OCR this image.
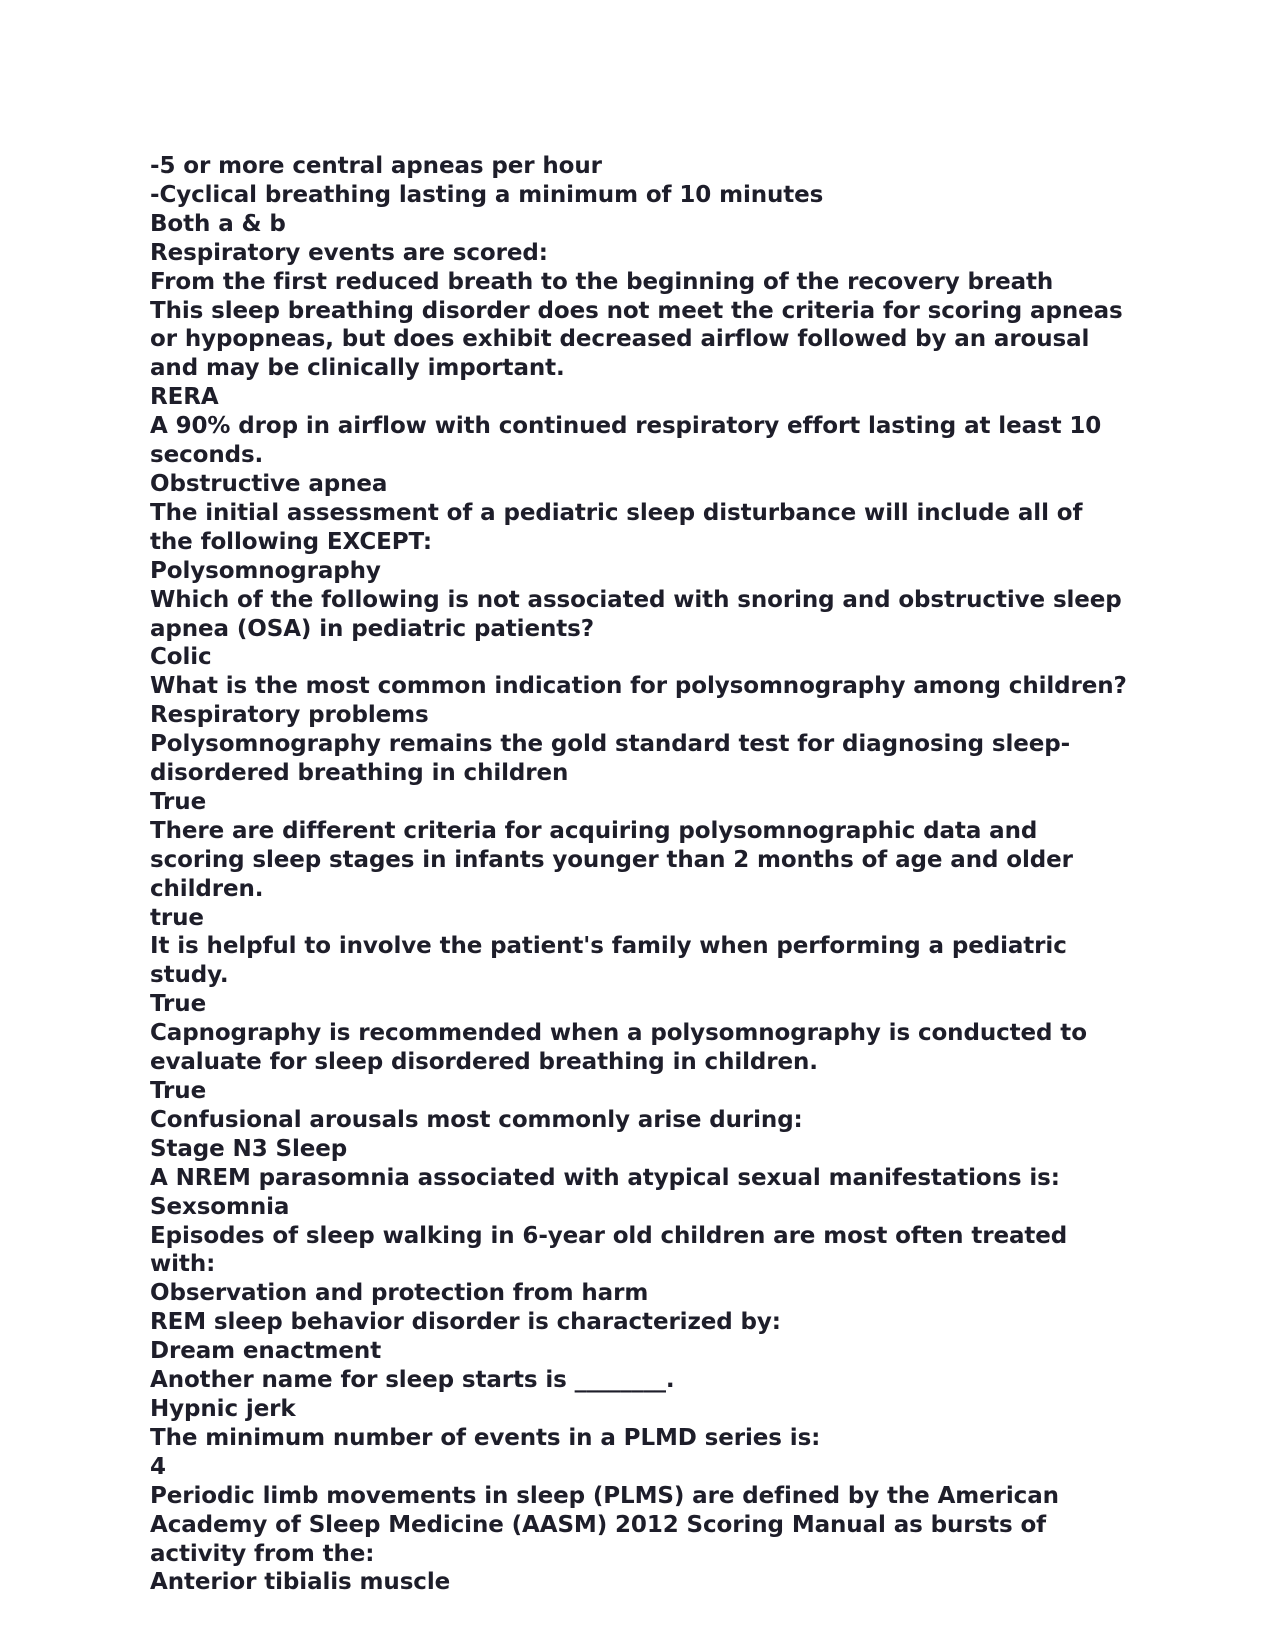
-5 or more central apneas per hour

-Cyclical breathing lasting a minimum of 10 minutes

Both a & b

Respiratory events are scored:

From the first reduced breath to the beginning of the recovery breath

This sleep breathing disorder does not meet the criteria for scoring apneas or hypopneas, but does exhibit decreased airflow followed by an arousal and may be clinically important.

RERA

A 90% drop in airflow with continued respiratory effort lasting at least 10 seconds.

Obstructive apnea

The initial assessment of a pediatric sleep disturbance will include all of the following EXCEPT:

Polysomnography

Which of the following is not associated with snoring and obstructive sleep apnea (OSA) in pediatric patients?

Colic

What is the most common indication for polysomnography among children?

Respiratory problems

Polysomnography remains the gold standard test for diagnosing sleep-disordered breathing in children

True

There are different criteria for acquiring polysomnographic data and scoring sleep stages in infants younger than 2 months of age and older children.

true

It is helpful to involve the patient's family when performing a pediatric study.

True

Capnography is recommended when a polysomnography is conducted to evaluate for sleep disordered breathing in children.

True

Confusional arousals most commonly arise during:

Stage N3 Sleep

A NREM parasomnia associated with atypical sexual manifestations is:

Sexsomnia

Episodes of sleep walking in 6-year old children are most often treated with:

Observation and protection from harm

REM sleep behavior disorder is characterized by:

Dream enactment

Another name for sleep starts is ________.

Hypnic jerk

The minimum number of events in a PLMD series is:

4

Periodic limb movements in sleep (PLMS) are defined by the American Academy of Sleep Medicine (AASM) 2012 Scoring Manual as bursts of activity from the:

Anterior tibialis muscle
